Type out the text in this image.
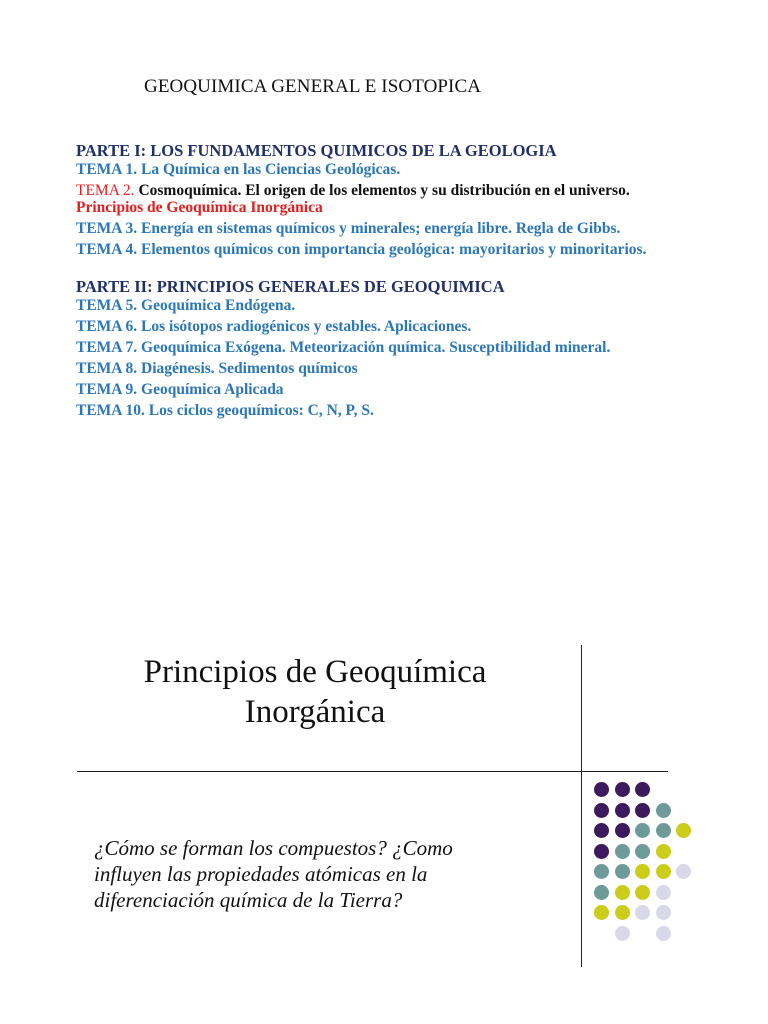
GEOQUIMICA GENERAL E ISOTOPICA
PARTE I: LOS FUNDAMENTOS QUIMICOS DE LA GEOLOGIA
TEMA 1. La Química en las Ciencias Geológicas.
TEMA 2. Cosmoquímica. El origen de los elementos y su distribución en el universo. Principios de Geoquímica Inorgánica
TEMA 3. Energía en sistemas químicos y minerales; energía libre. Regla de Gibbs.
TEMA 4. Elementos químicos con importancia geológica: mayoritarios y minoritarios.
PARTE II: PRINCIPIOS GENERALES DE GEOQUIMICA
TEMA 5. Geoquímica Endógena.
TEMA 6. Los isótopos radiogénicos y estables. Aplicaciones.
TEMA 7. Geoquímica Exógena. Meteorización química. Susceptibilidad mineral.
TEMA 8. Diagénesis. Sedimentos químicos
TEMA 9. Geoquímica Aplicada
TEMA 10. Los ciclos geoquímicos: C, N, P, S.
Principios de Geoquímica
Inorgánica
¿Cómo se forman los compuestos? ¿Como influyen las propiedades atómicas en la diferenciación química de la Tierra?
